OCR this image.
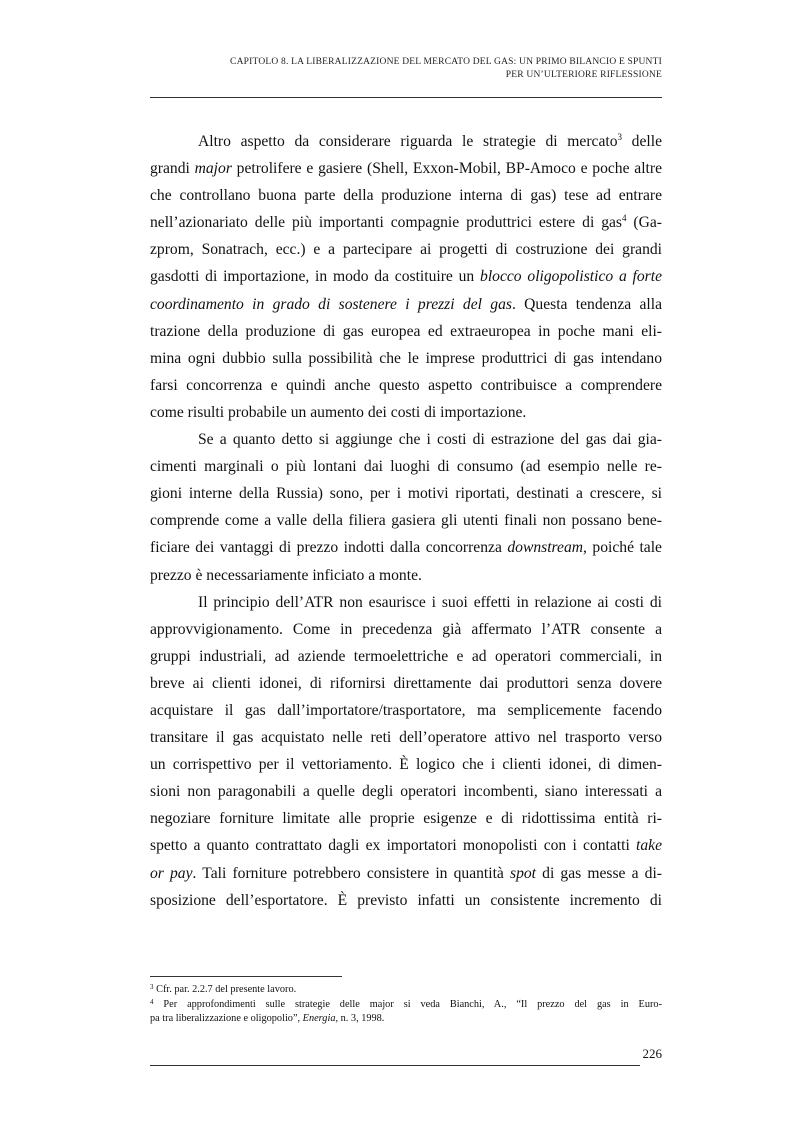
CAPITOLO 8. LA LIBERALIZZAZIONE DEL MERCATO DEL GAS: UN PRIMO BILANCIO E SPUNTI
PER UN’ULTERIORE RIFLESSIONE
Altro aspetto da considerare riguarda le strategie di mercato$^3$ delle
grandi major petrolifere e gasiere (Shell, Exxon-Mobil, BP-Amoco e poche altre
che controllano buona parte della produzione interna di gas) tese ad entrare
nell’azionariato delle più importanti compagnie produttrici estere di gas$^4$ (Ga-
zprom, Sonatrach, ecc.) e a partecipare ai progetti di costruzione dei grandi
gasdotti di importazione, in modo da costituire un blocco oligopolistico a forte
coordinamento in grado di sostenere i prezzi del gas. Questa tendenza alla
trazione della produzione di gas europea ed extraeuropea in poche mani eli-
mina ogni dubbio sulla possibilità che le imprese produttrici di gas intendano
farsi concorrenza e quindi anche questo aspetto contribuisce a comprendere
come risulti probabile un aumento dei costi di importazione.
Se a quanto detto si aggiunge che i costi di estrazione del gas dai gia-
cimenti marginali o più lontani dai luoghi di consumo (ad esempio nelle re-
gioni interne della Russia) sono, per i motivi riportati, destinati a crescere, si
comprende come a valle della filiera gasiera gli utenti finali non possano bene-
ficiare dei vantaggi di prezzo indotti dalla concorrenza downstream, poiché tale
prezzo è necessariamente inficiato a monte.
Il principio dell’ATR non esaurisce i suoi effetti in relazione ai costi di
approvvigionamento. Come in precedenza già affermato l’ATR consente a
gruppi industriali, ad aziende termoelettriche e ad operatori commerciali, in
breve ai clienti idonei, di rifornirsi direttamente dai produttori senza dovere
acquistare il gas dall’importatore/trasportatore, ma semplicemente facendo
transitare il gas acquistato nelle reti dell’operatore attivo nel trasporto verso
un corrispettivo per il vettoriamento. È logico che i clienti idonei, di dimen-
sioni non paragonabili a quelle degli operatori incombenti, siano interessati a
negoziare forniture limitate alle proprie esigenze e di ridottissima entità ri-
spetto a quanto contrattato dagli ex importatori monopolisti con i contatti take
or pay. Tali forniture potrebbero consistere in quantità spot di gas messe a di-
sposizione dell’esportatore. È previsto infatti un consistente incremento di
$^3$ Cfr. par. 2.2.7 del presente lavoro.
$^4$ Per approfondimenti sulle strategie delle major si veda Bianchi, A., “Il prezzo del gas in Euro-
pa tra liberalizzazione e oligopolio”, Energia, n. 3, 1998.
226
